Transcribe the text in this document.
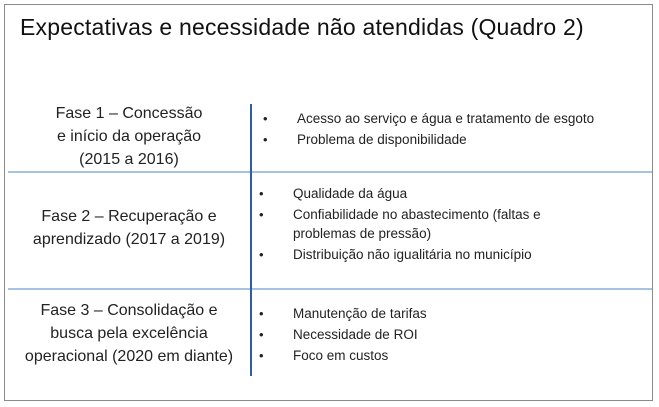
Expectativas e necessidade não atendidas (Quadro 2)
Fase 1 – Concessão
e início da operação
(2015 a 2016)
• Acesso ao serviço e água e tratamento de esgoto
• Problema de disponibilidade
Fase 2 – Recuperação e
aprendizado (2017 a 2019)
• Qualidade da água
• Confiabilidade no abastecimento (faltas e problemas de pressão)
• Distribuição não igualitária no município
Fase 3 – Consolidação e
busca pela excelência
operacional (2020 em diante)
• Manutenção de tarifas
• Necessidade de ROI
• Foco em custos
